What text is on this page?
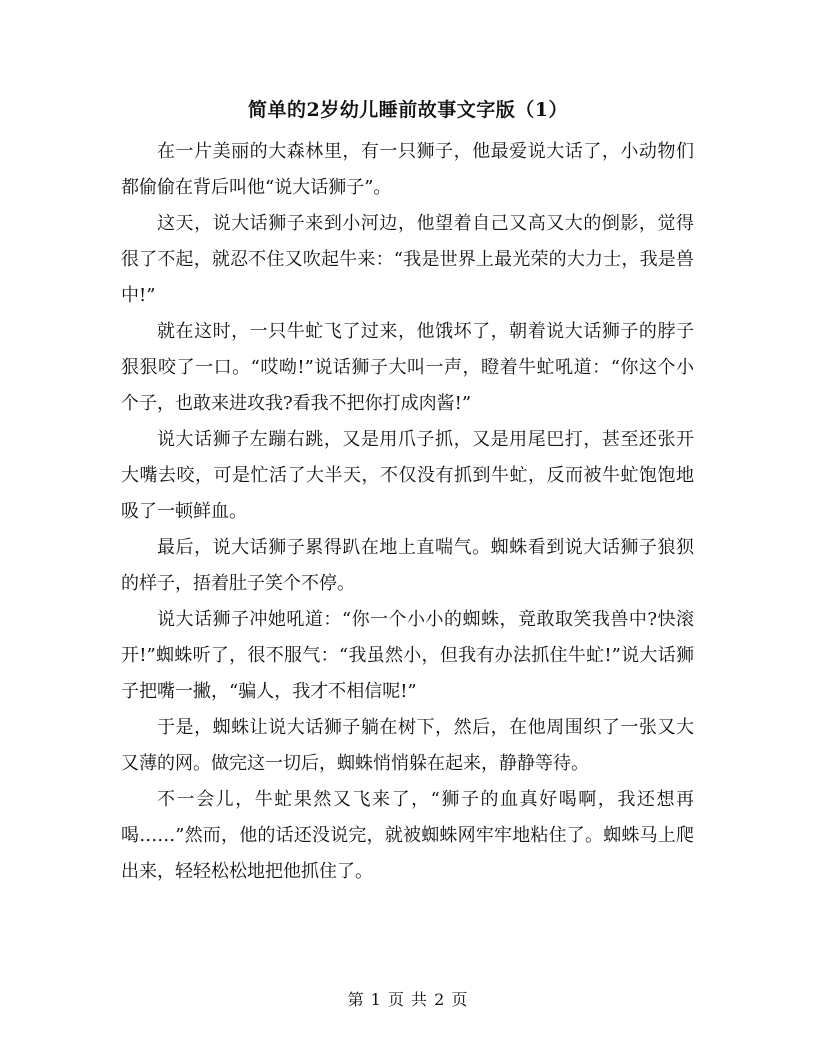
简单的2岁幼儿睡前故事文字版（1）

在一片美丽的大森林里，有一只狮子，他最爱说大话了，小动物们都偷偷在背后叫他“说大话狮子”。

这天，说大话狮子来到小河边，他望着自己又高又大的倒影，觉得很了不起，就忍不住又吹起牛来：“我是世界上最光荣的大力士，我是兽中!”

就在这时，一只牛虻飞了过来，他饿坏了，朝着说大话狮子的脖子狠狠咬了一口。“哎呦!”说话狮子大叫一声，瞪着牛虻吼道：“你这个小个子，也敢来进攻我?看我不把你打成肉酱!”

说大话狮子左蹦右跳，又是用爪子抓，又是用尾巴打，甚至还张开大嘴去咬，可是忙活了大半天，不仅没有抓到牛虻，反而被牛虻饱饱地吸了一顿鲜血。

最后，说大话狮子累得趴在地上直喘气。蜘蛛看到说大话狮子狼狈的样子，捂着肚子笑个不停。

说大话狮子冲她吼道：“你一个小小的蜘蛛，竟敢取笑我兽中?快滚开!”蜘蛛听了，很不服气：“我虽然小，但我有办法抓住牛虻!”说大话狮子把嘴一撇，“骗人，我才不相信呢!”

于是，蜘蛛让说大话狮子躺在树下，然后，在他周围织了一张又大又薄的网。做完这一切后，蜘蛛悄悄躲在起来，静静等待。

不一会儿，牛虻果然又飞来了，“狮子的血真好喝啊，我还想再喝……”然而，他的话还没说完，就被蜘蛛网牢牢地粘住了。蜘蛛马上爬出来，轻轻松松地把他抓住了。

第 1 页 共 2 页
